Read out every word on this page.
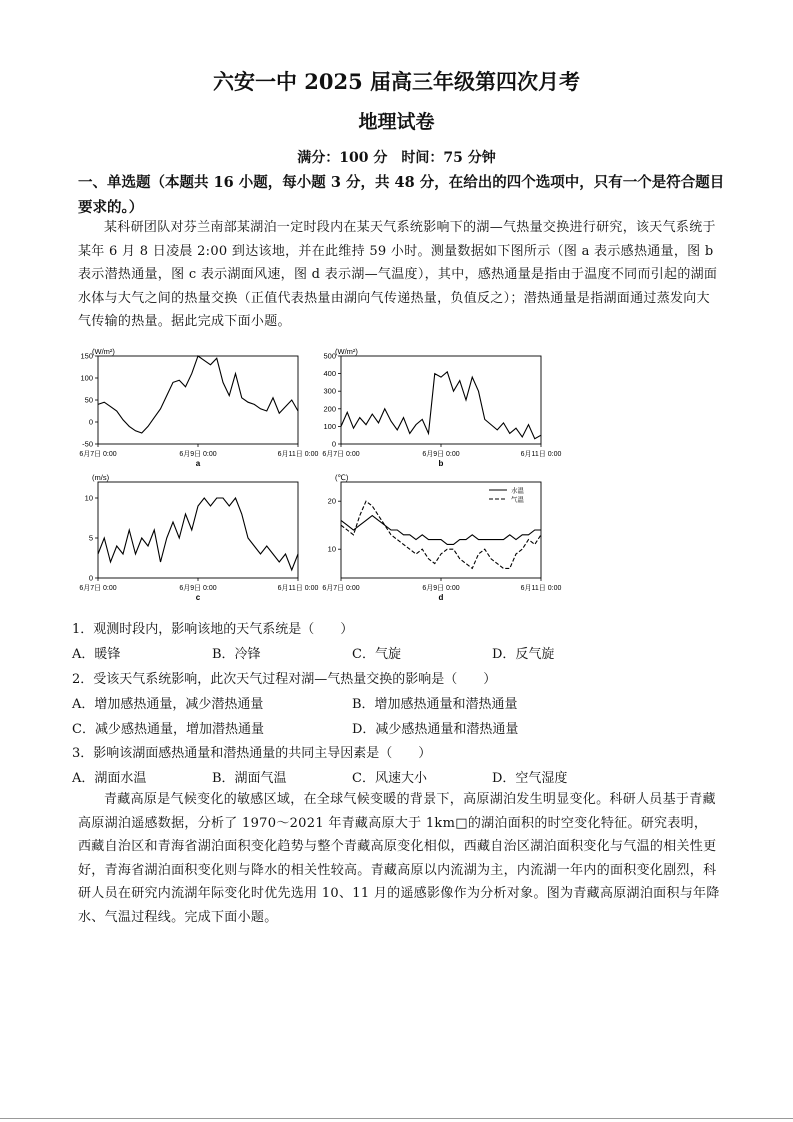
六安一中 2025 届高三年级第四次月考
地理试卷
满分：100 分　时间：75 分钟
一、单选题（本题共 16 小题，每小题 3 分，共 48 分，在给出的四个选项中，只有一个是符合题目要求的。）
某科研团队对芬兰南部某湖泊一定时段内在某天气系统影响下的湖—气热量交换进行研究，该天气系统于某年 6 月 8 日凌晨 2:00 到达该地，并在此维持 59 小时。测量数据如下图所示（图 a 表示感热通量，图 b 表示潜热通量，图 c 表示湖面风速，图 d 表示湖—气温度），其中，感热通量是指由于温度不同而引起的湖面水体与大气之间的热量交换（正值代表热量由湖向气传递热量，负值反之）；潜热通量是指湖面通过蒸发向大气传输的热量。据此完成下面小题。
(W/m²)
150
100
50
0
-50
6月7日 0:00	6月9日 0:00	6月11日 0:00
a
(W/m²)
500
400
300
200
100
0
6月7日 0:00	6月9日 0:00	6月11日 0:00
b
(m/s)
10
5
0
6月7日 0:00	6月9日 0:00	6月11日 0:00
c
(℃)
20
10
6月7日 0:00	6月9日 0:00	6月11日 0:00
d
水温
气温
1．观测时段内，影响该地的天气系统是（　　）
A．暖锋	B．冷锋	C．气旋	D．反气旋
2．受该天气系统影响，此次天气过程对湖—气热量交换的影响是（　　）
A．增加感热通量，减少潜热通量	B．增加感热通量和潜热通量
C．减少感热通量，增加潜热通量	D．减少感热通量和潜热通量
3．影响该湖面感热通量和潜热通量的共同主导因素是（　　）
A．湖面水温	B．湖面气温	C．风速大小	D．空气湿度
青藏高原是气候变化的敏感区域，在全球气候变暖的背景下，高原湖泊发生明显变化。科研人员基于青藏高原湖泊遥感数据，分析了 1970～2021 年青藏高原大于 1km□的湖泊面积的时空变化特征。研究表明，西藏自治区和青海省湖泊面积变化趋势与整个青藏高原变化相似，西藏自治区湖泊面积变化与气温的相关性更好，青海省湖泊面积变化则与降水的相关性较高。青藏高原以内流湖为主，内流湖一年内的面积变化剧烈，科研人员在研究内流湖年际变化时优先选用 10、11 月的遥感影像作为分析对象。图为青藏高原湖泊面积与年降水、气温过程线。完成下面小题。
